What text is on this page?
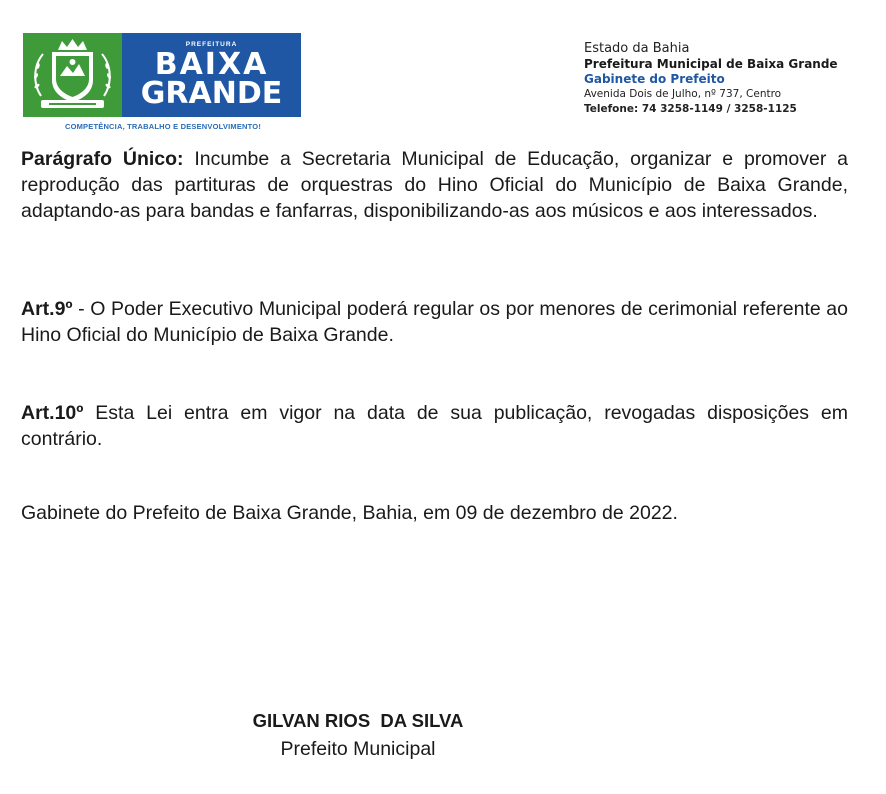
PREFEITURA
BAIXA
GRANDE
COMPETÊNCIA, TRABALHO E DESENVOLVIMENTO!
Estado da Bahia
Prefeitura Municipal de Baixa Grande
Gabinete do Prefeito
Avenida Dois de Julho, nº 737, Centro
Telefone: 74 3258-1149 / 3258-1125
Parágrafo Único: Incumbe a Secretaria Municipal de Educação, organizar e promover a reprodução das partituras de orquestras do Hino Oficial do Município de Baixa Grande, adaptando-as para bandas e fanfarras, disponibilizando-as aos músicos e aos interessados.
Art.9º - O Poder Executivo Municipal poderá regular os por menores de cerimonial referente ao Hino Oficial do Município de Baixa Grande.
Art.10º Esta Lei entra em vigor na data de sua publicação, revogadas disposições em contrário.
Gabinete do Prefeito de Baixa Grande, Bahia, em 09 de dezembro de 2022.
GILVAN RIOS  DA SILVA
Prefeito Municipal
